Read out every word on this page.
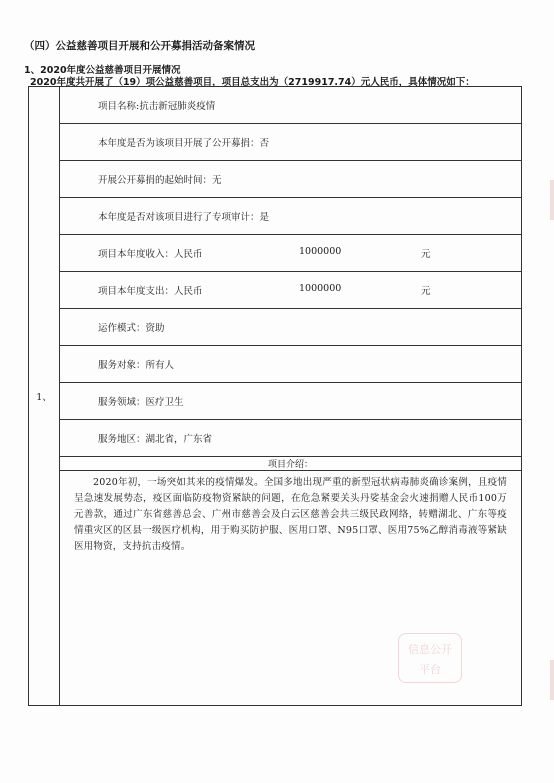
（四）公益慈善项目开展和公开募捐活动备案情况
1、2020年度公益慈善项目开展情况
2020年度共开展了（19）项公益慈善项目，项目总支出为（2719917.74）元人民币，具体情况如下：
1、	项目名称:抗击新冠肺炎疫情
本年度是否为该项目开展了公开募捐：否
开展公开募捐的起始时间：无
本年度是否对该项目进行了专项审计：是
项目本年度收入：人民币	1000000	元

项目本年度支出：人民币	1000000	元

运作模式：资助
服务对象：所有人
服务领域：医疗卫生
服务地区：湖北省，广东省
项目介绍：
2020年初，一场突如其来的疫情爆发。全国多地出现严重的新型冠状病毒肺炎确诊案例，且疫情呈急速发展势态，疫区面临防疫物资紧缺的问题，在危急紧要关头丹娑基金会火速捐赠人民币100万元善款，通过广东省慈善总会、广州市慈善会及白云区慈善会共三级民政网络，转赠湖北、广东等疫情重灾区的区县一级医疗机构，用于购买防护服、医用口罩、N95口罩、医用75%乙醇消毒液等紧缺医用物资，支持抗击疫情。
信息公开
平台
